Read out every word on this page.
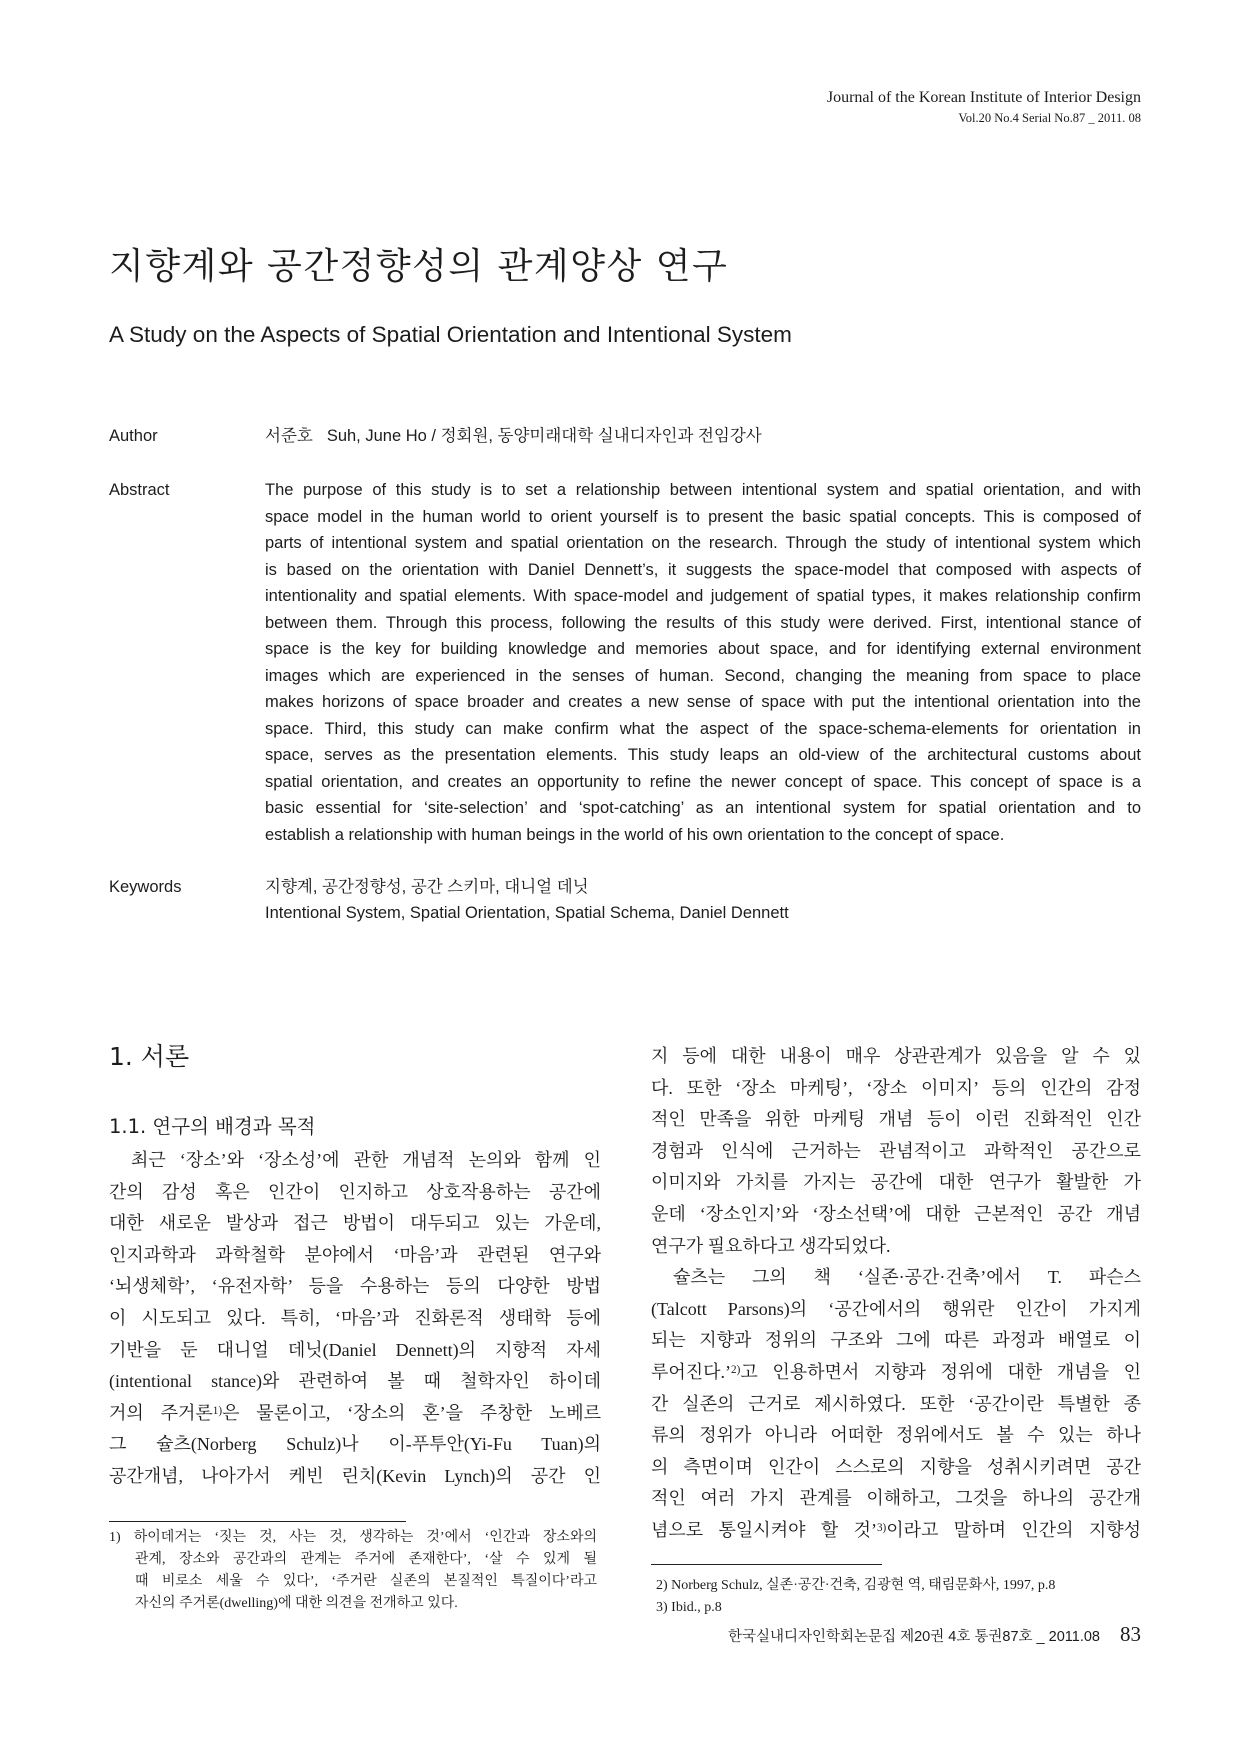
Journal of the Korean Institute of Interior Design
Vol.20 No.4 Serial No.87 _ 2011. 08
지향계와 공간정향성의 관계양상 연구
A Study on the Aspects of Spatial Orientation and Intentional System
Author	서준호 Suh, June Ho / 정회원, 동양미래대학 실내디자인과 전임강사
Abstract	The purpose of this study is to set a relationship between intentional system and spatial orientation, and with
space model in the human world to orient yourself is to present the basic spatial concepts. This is composed of
parts of intentional system and spatial orientation on the research. Through the study of intentional system which
is based on the orientation with Daniel Dennett’s, it suggests the space-model that composed with aspects of
intentionality and spatial elements. With space-model and judgement of spatial types, it makes relationship confirm
between them. Through this process, following the results of this study were derived. First, intentional stance of
space is the key for building knowledge and memories about space, and for identifying external environment
images which are experienced in the senses of human. Second, changing the meaning from space to place
makes horizons of space broader and creates a new sense of space with put the intentional orientation into the
space. Third, this study can make confirm what the aspect of the space-schema-elements for orientation in
space, serves as the presentation elements. This study leaps an old-view of the architectural customs about
spatial orientation, and creates an opportunity to refine the newer concept of space. This concept of space is a
basic essential for ‘site-selection’ and ‘spot-catching’ as an intentional system for spatial orientation and to
establish a relationship with human beings in the world of his own orientation to the concept of space.
Keywords	지향계, 공간정향성, 공간 스키마, 대니얼 데닛
Intentional System, Spatial Orientation, Spatial Schema, Daniel Dennett
1. 서론
1.1. 연구의 배경과 목적
최근 ‘장소’와 ‘장소성’에 관한 개념적 논의와 함께 인
간의 감성 혹은 인간이 인지하고 상호작용하는 공간에
대한 새로운 발상과 접근 방법이 대두되고 있는 가운데,
인지과학과 과학철학 분야에서 ‘마음’과 관련된 연구와
‘뇌생체학’, ‘유전자학’ 등을 수용하는 등의 다양한 방법
이 시도되고 있다. 특히, ‘마음’과 진화론적 생태학 등에
기반을 둔 대니얼 데닛(Daniel Dennett)의 지향적 자세
(intentional stance)와 관련하여 볼 때 철학자인 하이데
거의 주거론$^{1)}$은 물론이고, ‘장소의 혼’을 주창한 노베르
그 슐츠(Norberg Schulz)나 이-푸투안(Yi-Fu Tuan)의
공간개념, 나아가서 케빈 린치(Kevin Lynch)의 공간 인
1) 하이데거는 ‘짓는 것, 사는 것, 생각하는 것’에서 ‘인간과 장소와의
관계, 장소와 공간과의 관계는 주거에 존재한다’, ‘살 수 있게 될
때 비로소 세울 수 있다’, ‘주거란 실존의 본질적인 특질이다’라고
자신의 주거론(dwelling)에 대한 의견을 전개하고 있다.
지 등에 대한 내용이 매우 상관관계가 있음을 알 수 있
다. 또한 ‘장소 마케팅’, ‘장소 이미지’ 등의 인간의 감정
적인 만족을 위한 마케팅 개념 등이 이런 진화적인 인간
경험과 인식에 근거하는 관념적이고 과학적인 공간으로
이미지와 가치를 가지는 공간에 대한 연구가 활발한 가
운데 ‘장소인지’와 ‘장소선택’에 대한 근본적인 공간 개념
연구가 필요하다고 생각되었다.
슐츠는 그의 책 ‘실존·공간·건축’에서 T. 파슨스
(Talcott Parsons)의 ‘공간에서의 행위란 인간이 가지게
되는 지향과 정위의 구조와 그에 따른 과정과 배열로 이
루어진다.’$^{2)}$고 인용하면서 지향과 정위에 대한 개념을 인
간 실존의 근거로 제시하였다. 또한 ‘공간이란 특별한 종
류의 정위가 아니라 어떠한 정위에서도 볼 수 있는 하나
의 측면이며 인간이 스스로의 지향을 성취시키려면 공간
적인 여러 가지 관계를 이해하고, 그것을 하나의 공간개
념으로 통일시켜야 할 것’$^{3)}$이라고 말하며 인간의 지향성
2) Norberg Schulz, 실존·공간·건축, 김광현 역, 태림문화사, 1997, p.8
3) Ibid., p.8
한국실내디자인학회논문집 제20권 4호 통권87호 _ 2011.08 83
